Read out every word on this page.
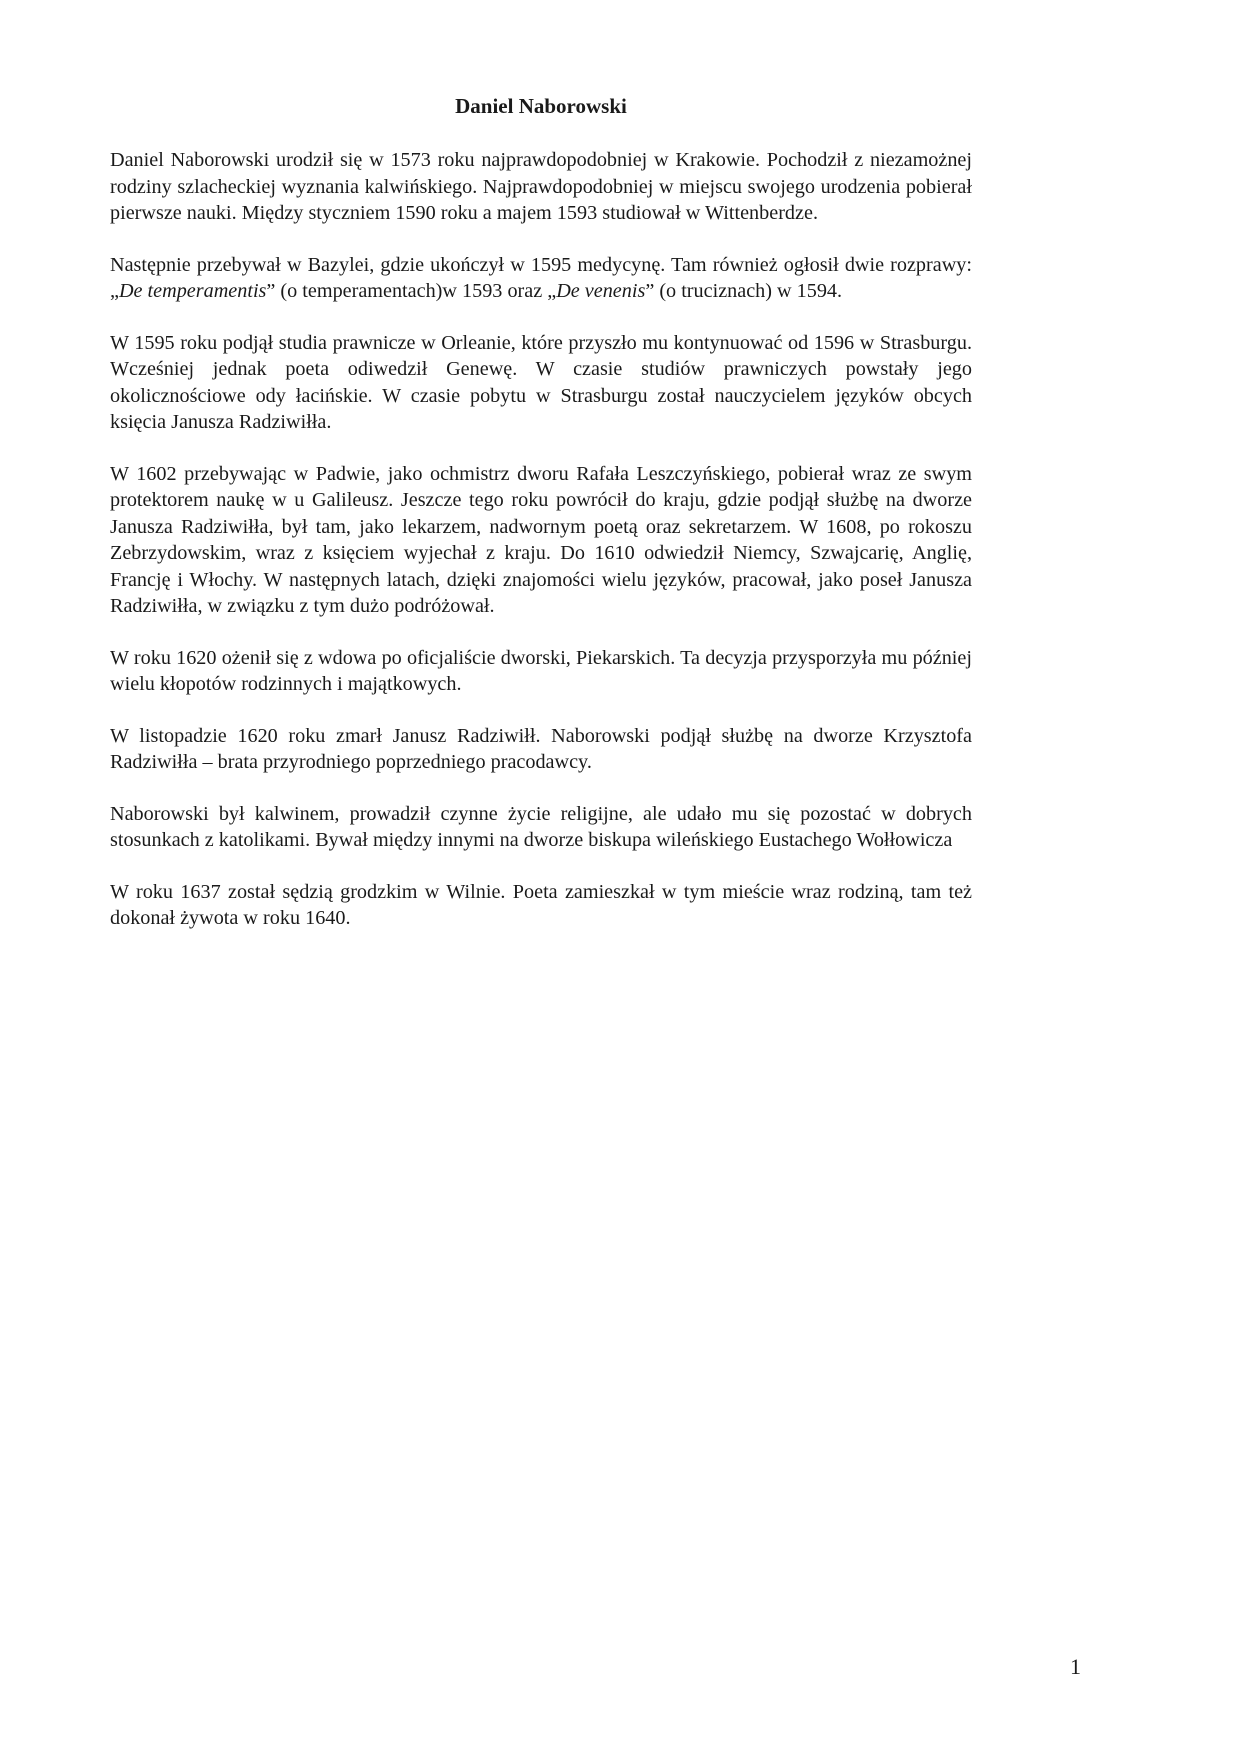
Daniel Naborowski

Daniel Naborowski urodził się w 1573 roku najprawdopodobniej w Krakowie. Pochodził z niezamożnej rodziny szlacheckiej wyznania kalwińskiego. Najprawdopodobniej w miejscu swojego urodzenia pobierał pierwsze nauki. Między styczniem 1590 roku a majem 1593 studiował w Wittenberdze.

Następnie przebywał w Bazylei, gdzie ukończył w 1595 medycynę. Tam również ogłosił dwie rozprawy: „De temperamentis” (o temperamentach)w 1593 oraz „De venenis” (o truciznach) w 1594.

W 1595 roku podjął studia prawnicze w Orleanie, które przyszło mu kontynuować od 1596 w Strasburgu. Wcześniej jednak poeta odiwedził Genewę. W czasie studiów prawniczych powstały jego okolicznościowe ody łacińskie. W czasie pobytu w Strasburgu został nauczycielem języków obcych księcia Janusza Radziwiłła.

W 1602 przebywając w Padwie, jako ochmistrz dworu Rafała Leszczyńskiego, pobierał wraz ze swym protektorem naukę w u Galileusz. Jeszcze tego roku powrócił do kraju, gdzie podjął służbę na dworze Janusza Radziwiłła, był tam, jako lekarzem, nadwornym poetą oraz sekretarzem. W 1608, po rokoszu Zebrzydowskim, wraz z księciem wyjechał z kraju. Do 1610 odwiedził Niemcy, Szwajcarię, Anglię, Francję i Włochy. W następnych latach, dzięki znajomości wielu języków, pracował, jako poseł Janusza Radziwiłła, w związku z tym dużo podróżował.

W roku 1620 ożenił się z wdowa po oficjaliście dworski, Piekarskich. Ta decyzja przysporzyła mu później wielu kłopotów rodzinnych i majątkowych.

W listopadzie 1620 roku zmarł Janusz Radziwiłł. Naborowski podjął służbę na dworze Krzysztofa Radziwiłła – brata przyrodniego poprzedniego pracodawcy.

Naborowski był kalwinem, prowadził czynne życie religijne, ale udało mu się pozostać w dobrych stosunkach z katolikami. Bywał między innymi na dworze biskupa wileńskiego Eustachego Wołłowicza

W roku 1637 został sędzią grodzkim w Wilnie. Poeta zamieszkał w tym mieście wraz rodziną, tam też dokonał żywota w roku 1640.

1
